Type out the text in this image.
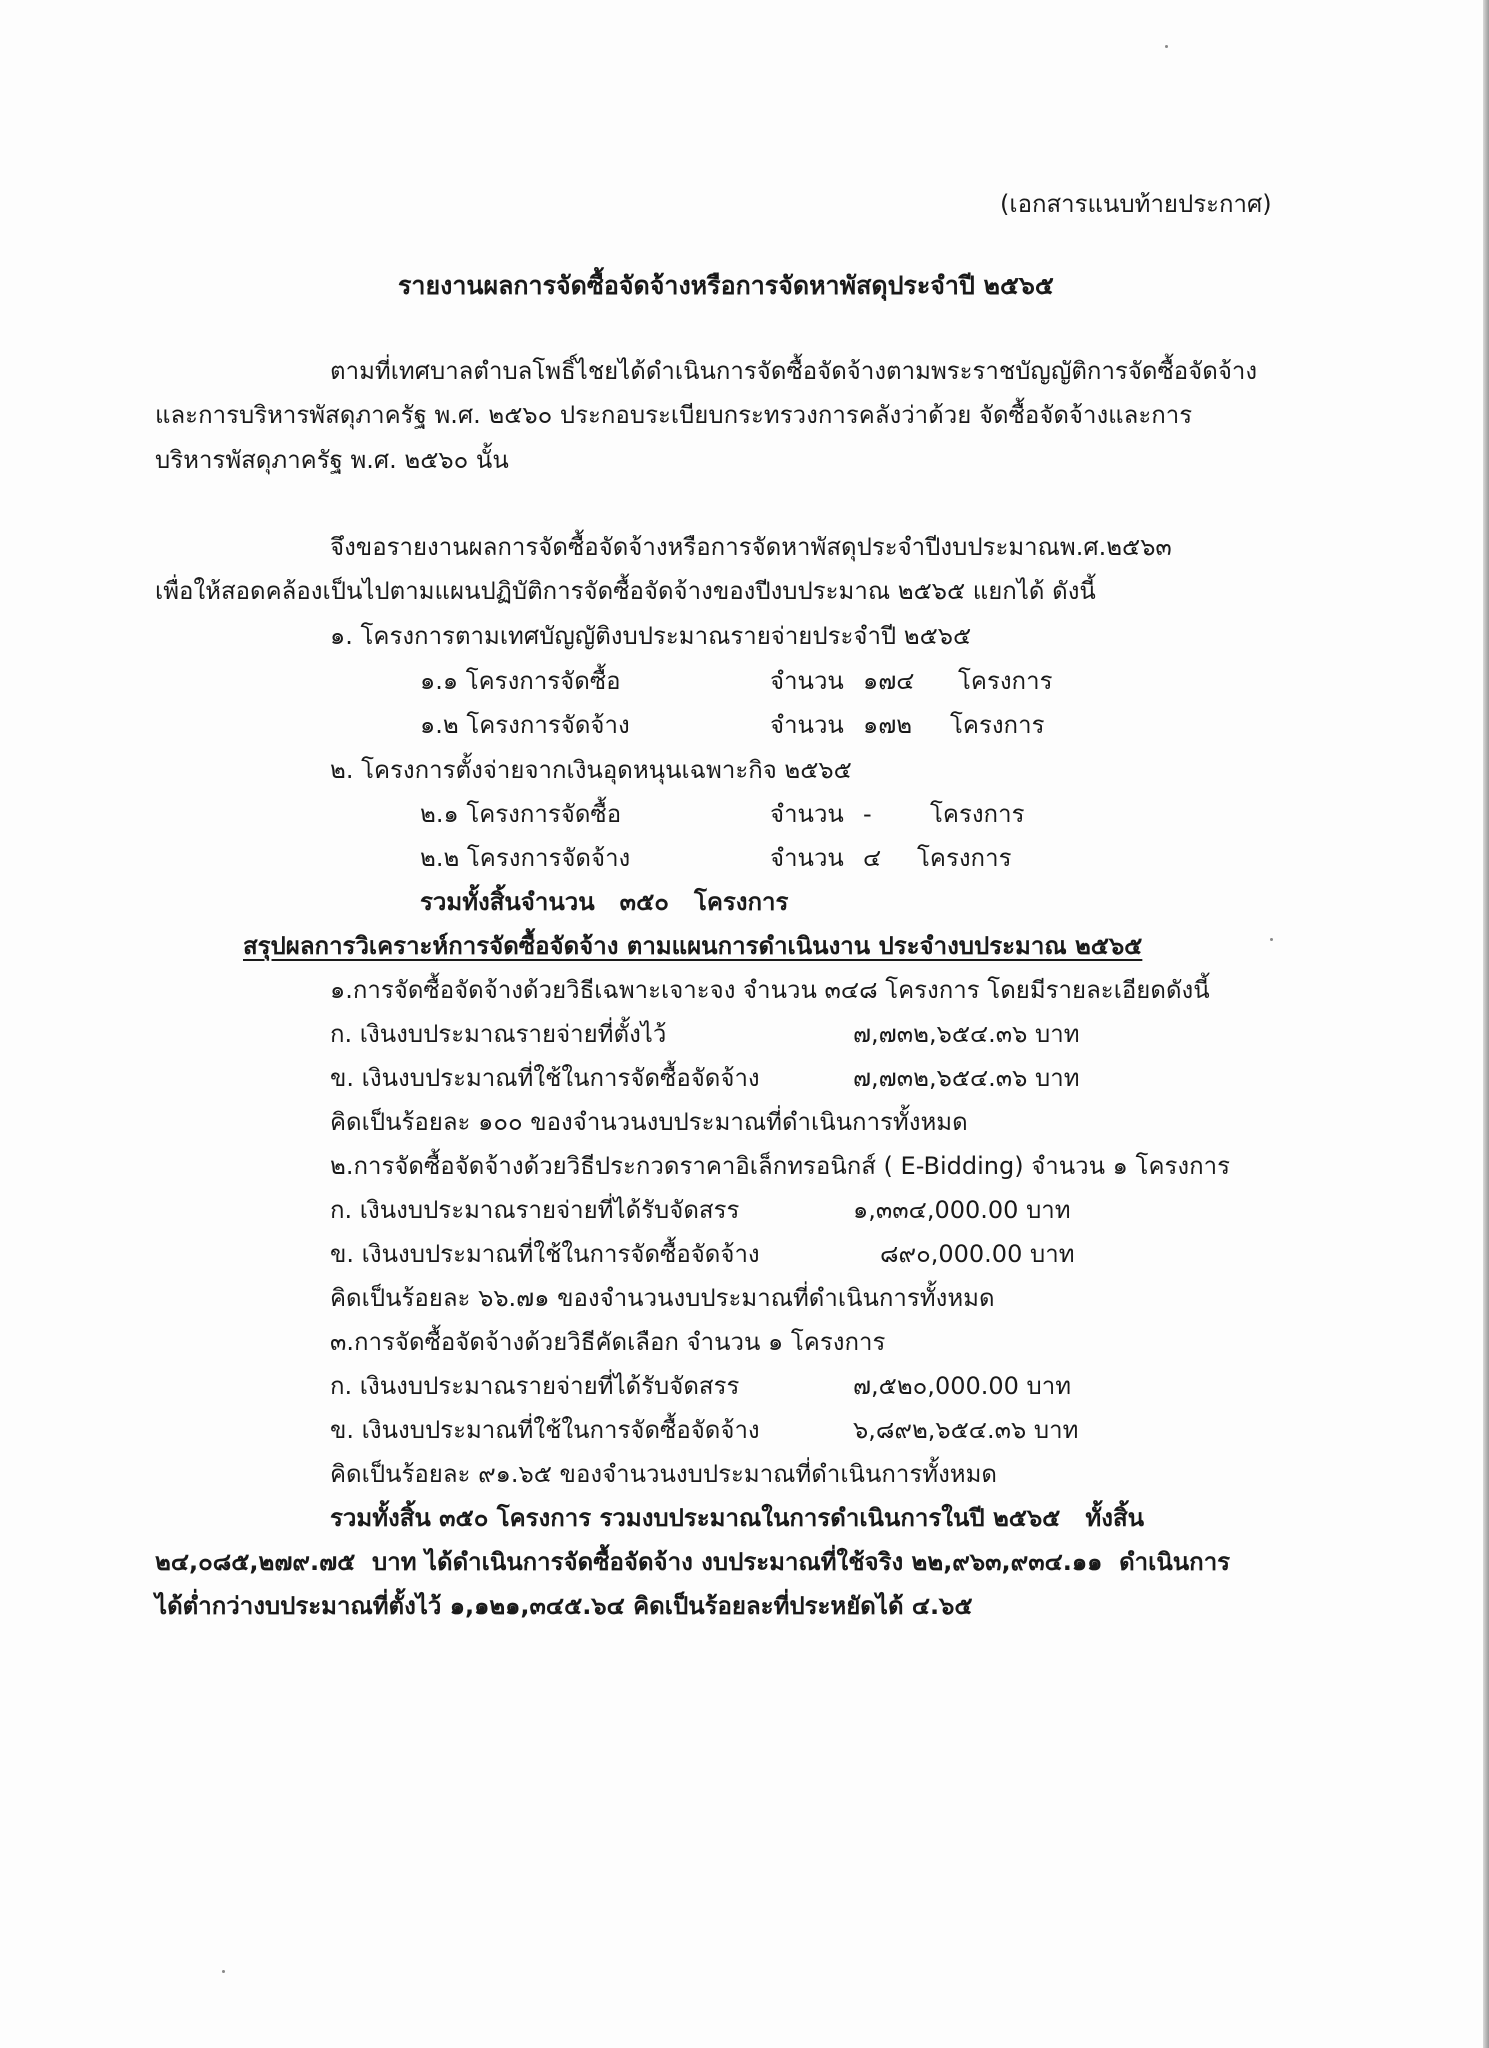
(เอกสารแนบท้ายประกาศ)
รายงานผลการจัดซื้อจัดจ้างหรือการจัดหาพัสดุประจำปี ๒๕๖๕
ตามที่เทศบาลตำบลโพธิ์ไชยได้ดำเนินการจัดซื้อจัดจ้างตามพระราชบัญญัติการจัดซื้อจัดจ้าง
และการบริหารพัสดุภาครัฐ พ.ศ. ๒๕๖๐ ประกอบระเบียบกระทรวงการคลังว่าด้วย จัดซื้อจัดจ้างและการ
บริหารพัสดุภาครัฐ พ.ศ. ๒๕๖๐ นั้น
จึงขอรายงานผลการจัดซื้อจัดจ้างหรือการจัดหาพัสดุประจำปีงบประมาณพ.ศ.๒๕๖๓
เพื่อให้สอดคล้องเป็นไปตามแผนปฏิบัติการจัดซื้อจัดจ้างของปีงบประมาณ ๒๕๖๕ แยกได้ ดังนี้
๑. โครงการตามเทศบัญญัติงบประมาณรายจ่ายประจำปี ๒๕๖๕
๑.๑ โครงการจัดซื้อ	จำนวน ๑๗๔ โครงการ
๑.๒ โครงการจัดจ้าง	จำนวน ๑๗๒ โครงการ
๒. โครงการตั้งจ่ายจากเงินอุดหนุนเฉพาะกิจ ๒๕๖๕
๒.๑ โครงการจัดซื้อ	จำนวน - โครงการ
๒.๒ โครงการจัดจ้าง	จำนวน ๔ โครงการ
รวมทั้งสิ้นจำนวน   ๓๕๐   โครงการ
สรุปผลการวิเคราะห์การจัดซื้อจัดจ้าง ตามแผนการดำเนินงาน ประจำงบประมาณ ๒๕๖๕
๑.การจัดซื้อจัดจ้างด้วยวิธีเฉพาะเจาะจง จำนวน ๓๔๘ โครงการ โดยมีรายละเอียดดังนี้
ก. เงินงบประมาณรายจ่ายที่ตั้งไว้	๗,๗๓๒,๖๕๔.๓๖ บาท
ข. เงินงบประมาณที่ใช้ในการจัดซื้อจัดจ้าง	๗,๗๓๒,๖๕๔.๓๖ บาท
คิดเป็นร้อยละ ๑๐๐ ของจำนวนงบประมาณที่ดำเนินการทั้งหมด
๒.การจัดซื้อจัดจ้างด้วยวิธีประกวดราคาอิเล็กทรอนิกส์ ( E-Bidding) จำนวน ๑ โครงการ
ก. เงินงบประมาณรายจ่ายที่ได้รับจัดสรร	๑,๓๓๔,000.00 บาท
ข. เงินงบประมาณที่ใช้ในการจัดซื้อจัดจ้าง	๘๙๐,000.00 บาท
คิดเป็นร้อยละ ๖๖.๗๑ ของจำนวนงบประมาณที่ดำเนินการทั้งหมด
๓.การจัดซื้อจัดจ้างด้วยวิธีคัดเลือก จำนวน ๑ โครงการ
ก. เงินงบประมาณรายจ่ายที่ได้รับจัดสรร	๗,๕๒๐,000.00 บาท
ข. เงินงบประมาณที่ใช้ในการจัดซื้อจัดจ้าง	๖,๘๙๒,๖๕๔.๓๖ บาท
คิดเป็นร้อยละ ๙๑.๖๕ ของจำนวนงบประมาณที่ดำเนินการทั้งหมด
รวมทั้งสิ้น ๓๕๐ โครงการ รวมงบประมาณในการดำเนินการในปี ๒๕๖๕   ทั้งสิ้น
๒๔,๐๘๕,๒๗๙.๗๕  บาท ได้ดำเนินการจัดซื้อจัดจ้าง งบประมาณที่ใช้จริง ๒๒,๙๖๓,๙๓๔.๑๑  ดำเนินการ
ได้ต่ำกว่างบประมาณที่ตั้งไว้ ๑,๑๒๑,๓๔๕.๖๔ คิดเป็นร้อยละที่ประหยัดได้ ๔.๖๕
